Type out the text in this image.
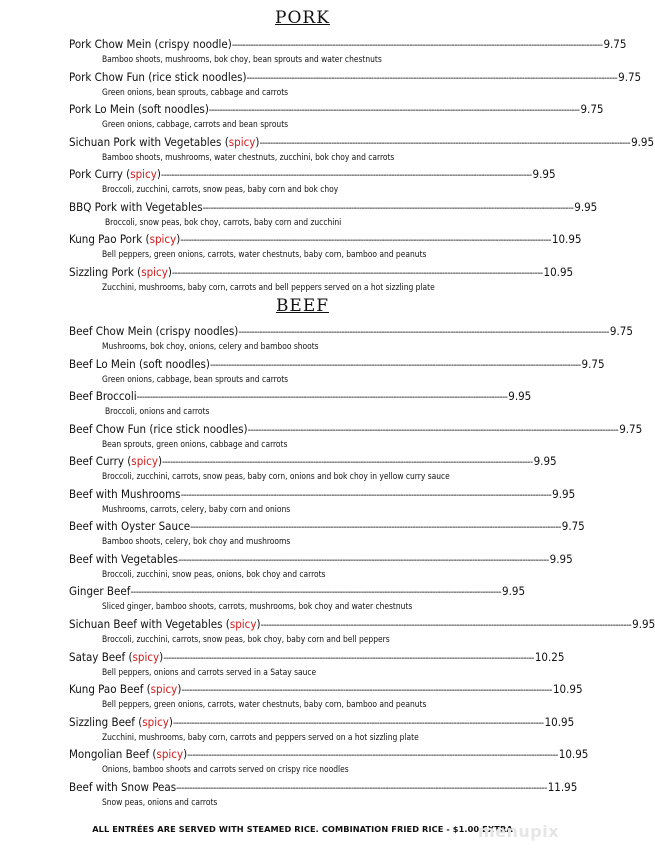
PORK
Pork Chow Mein (crispy noodle) -------------------------------------------------------------------------------------------------------------------------------------------- 9.75
Bamboo shoots, mushrooms, bok choy, bean sprouts and water chestnuts
Pork Chow Fun (rice stick noodles) -------------------------------------------------------------------------------------------------------------------------------------------- 9.75
Green onions, bean sprouts, cabbage and carrots
Pork Lo Mein (soft noodles) -------------------------------------------------------------------------------------------------------------------------------------------- 9.75
Green onions, cabbage, carrots and bean sprouts
Sichuan Pork with Vegetables (spicy) -------------------------------------------------------------------------------------------------------------------------------------------- 9.95
Bamboo shoots, mushrooms, water chestnuts, zucchini, bok choy and carrots
Pork Curry (spicy) -------------------------------------------------------------------------------------------------------------------------------------------- 9.95
Broccoli, zucchini, carrots, snow peas, baby corn and bok choy
BBQ Pork with Vegetables -------------------------------------------------------------------------------------------------------------------------------------------- 9.95
Broccoli, snow peas, bok choy, carrots, baby corn and zucchini
Kung Pao Pork (spicy) -------------------------------------------------------------------------------------------------------------------------------------------- 10.95
Bell peppers, green onions, carrots, water chestnuts, baby corn, bamboo and peanuts
Sizzling Pork (spicy) -------------------------------------------------------------------------------------------------------------------------------------------- 10.95
Zucchini, mushrooms, baby corn, carrots and bell peppers served on a hot sizzling plate
BEEF
Beef Chow Mein (crispy noodles) -------------------------------------------------------------------------------------------------------------------------------------------- 9.75
Mushrooms, bok choy, onions, celery and bamboo shoots
Beef Lo Mein (soft noodles) -------------------------------------------------------------------------------------------------------------------------------------------- 9.75
Green onions, cabbage, bean sprouts and carrots
Beef Broccoli -------------------------------------------------------------------------------------------------------------------------------------------- 9.95
Broccoli, onions and carrots
Beef Chow Fun (rice stick noodles) -------------------------------------------------------------------------------------------------------------------------------------------- 9.75
Bean sprouts, green onions, cabbage and carrots
Beef Curry (spicy) -------------------------------------------------------------------------------------------------------------------------------------------- 9.95
Broccoli, zucchini, carrots, snow peas, baby corn, onions and bok choy in yellow curry sauce
Beef with Mushrooms -------------------------------------------------------------------------------------------------------------------------------------------- 9.95
Mushrooms, carrots, celery, baby corn and onions
Beef with Oyster Sauce -------------------------------------------------------------------------------------------------------------------------------------------- 9.75
Bamboo shoots, celery, bok choy and mushrooms
Beef with Vegetables -------------------------------------------------------------------------------------------------------------------------------------------- 9.95
Broccoli, zucchini, snow peas, onions, bok choy and carrots
Ginger Beef -------------------------------------------------------------------------------------------------------------------------------------------- 9.95
Sliced ginger, bamboo shoots, carrots, mushrooms, bok choy and water chestnuts
Sichuan Beef with Vegetables (spicy) -------------------------------------------------------------------------------------------------------------------------------------------- 9.95
Broccoli, zucchini, carrots, snow peas, bok choy, baby corn and bell peppers
Satay Beef (spicy) -------------------------------------------------------------------------------------------------------------------------------------------- 10.25
Bell peppers, onions and carrots served in a Satay sauce
Kung Pao Beef (spicy) -------------------------------------------------------------------------------------------------------------------------------------------- 10.95
Bell peppers, green onions, carrots, water chestnuts, baby corn, bamboo and peanuts
Sizzling Beef (spicy) -------------------------------------------------------------------------------------------------------------------------------------------- 10.95
Zucchini, mushrooms, baby corn, carrots and peppers served on a hot sizzling plate
Mongolian Beef (spicy) -------------------------------------------------------------------------------------------------------------------------------------------- 10.95
Onions, bamboo shoots and carrots served on crispy rice noodles
Beef with Snow Peas -------------------------------------------------------------------------------------------------------------------------------------------- 11.95
Snow peas, onions and carrots
ALL ENTRÉES ARE SERVED WITH STEAMED RICE. COMBINATION FRIED RICE - $1.00 EXTRA
menupix
